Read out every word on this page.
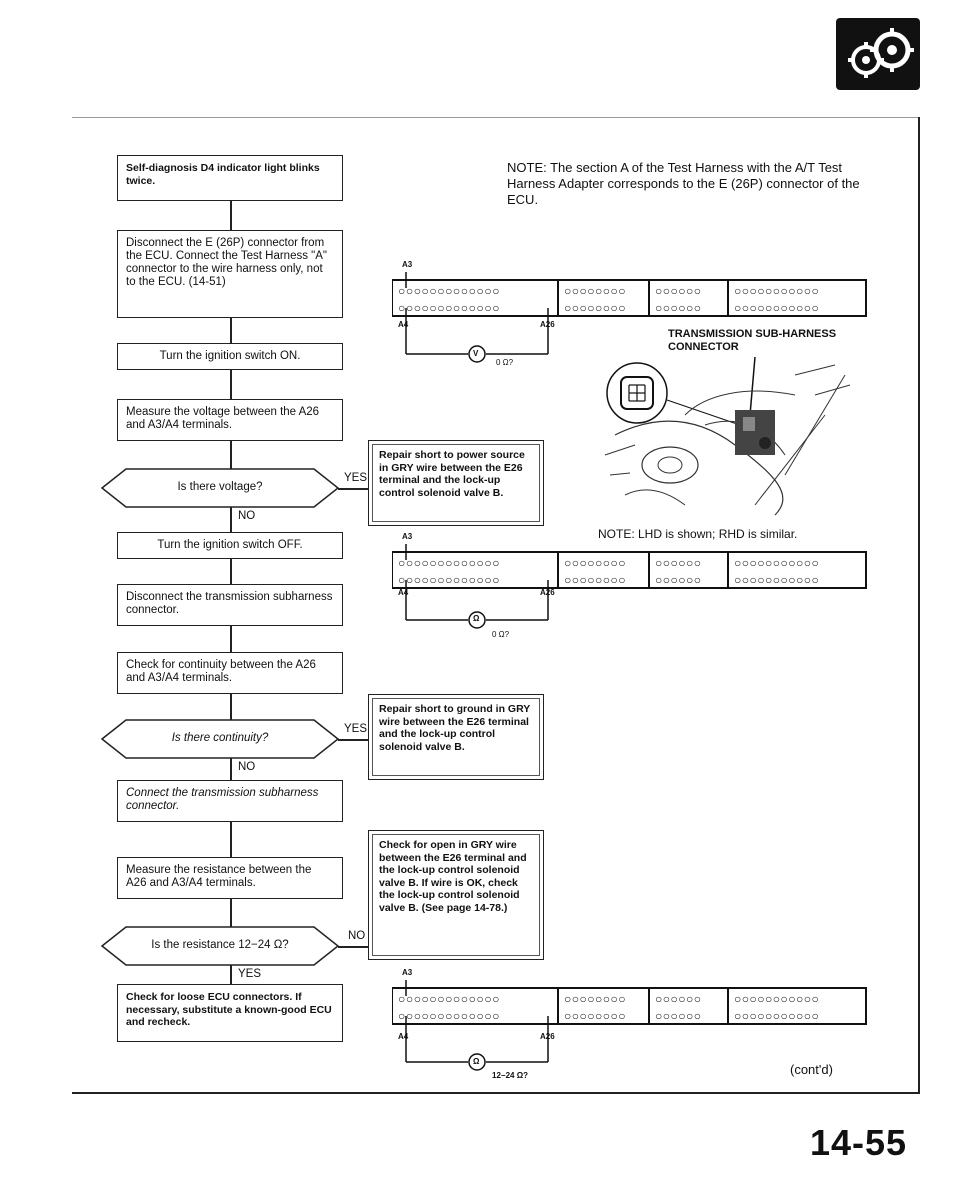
Self-diagnosis D4 indicator light blinks twice.
Disconnect the E (26P) connector from the ECU. Connect the Test Harness "A" connector to the wire harness only, not to the ECU. (14-51)
Turn the ignition switch ON.
Measure the voltage between the A26 and A3/A4 terminals.
Is there voltage?
YES
NO
Repair short to power source in GRY wire between the E26 terminal and the lock-up control solenoid valve B.
Turn the ignition switch OFF.
Disconnect the transmission subharness connector.
Check for continuity between the A26 and A3/A4 terminals.
Is there continuity?
YES
NO
Repair short to ground in GRY wire between the E26 terminal and the lock-up control solenoid valve B.
Connect the transmission subharness connector.
Measure the resistance between the A26 and A3/A4 terminals.
Is the resistance 12−24 Ω?
NO
YES
Check for open in GRY wire between the E26 terminal and the lock-up control solenoid valve B. If wire is OK, check the lock-up control solenoid valve B. (See page 14-78.)
Check for loose ECU connectors. If necessary, substitute a known-good ECU and recheck.
NOTE: The section A of the Test Harness with the A/T Test Harness Adapter corresponds to the E (26P) connector of the ECU.
A3
○○○○○○○○○○○○○
○○○○○○○○○○○○○
○○○○○○○○
○○○○○○○○
○○○○○○
○○○○○○
○○○○○○○○○○○
○○○○○○○○○○○
V
A4	A26
0 Ω?
TRANSMISSION SUB-HARNESS CONNECTOR
NOTE: LHD is shown; RHD is similar.
A3
○○○○○○○○○○○○○
○○○○○○○○○○○○○
○○○○○○○○
○○○○○○○○
○○○○○○
○○○○○○
○○○○○○○○○○○
○○○○○○○○○○○
Ω
A4	A26
0 Ω?
A3
○○○○○○○○○○○○○
○○○○○○○○○○○○○
○○○○○○○○
○○○○○○○○
○○○○○○
○○○○○○
○○○○○○○○○○○
○○○○○○○○○○○
Ω
A4	A26
12−24 Ω?	(cont'd)
14-55
